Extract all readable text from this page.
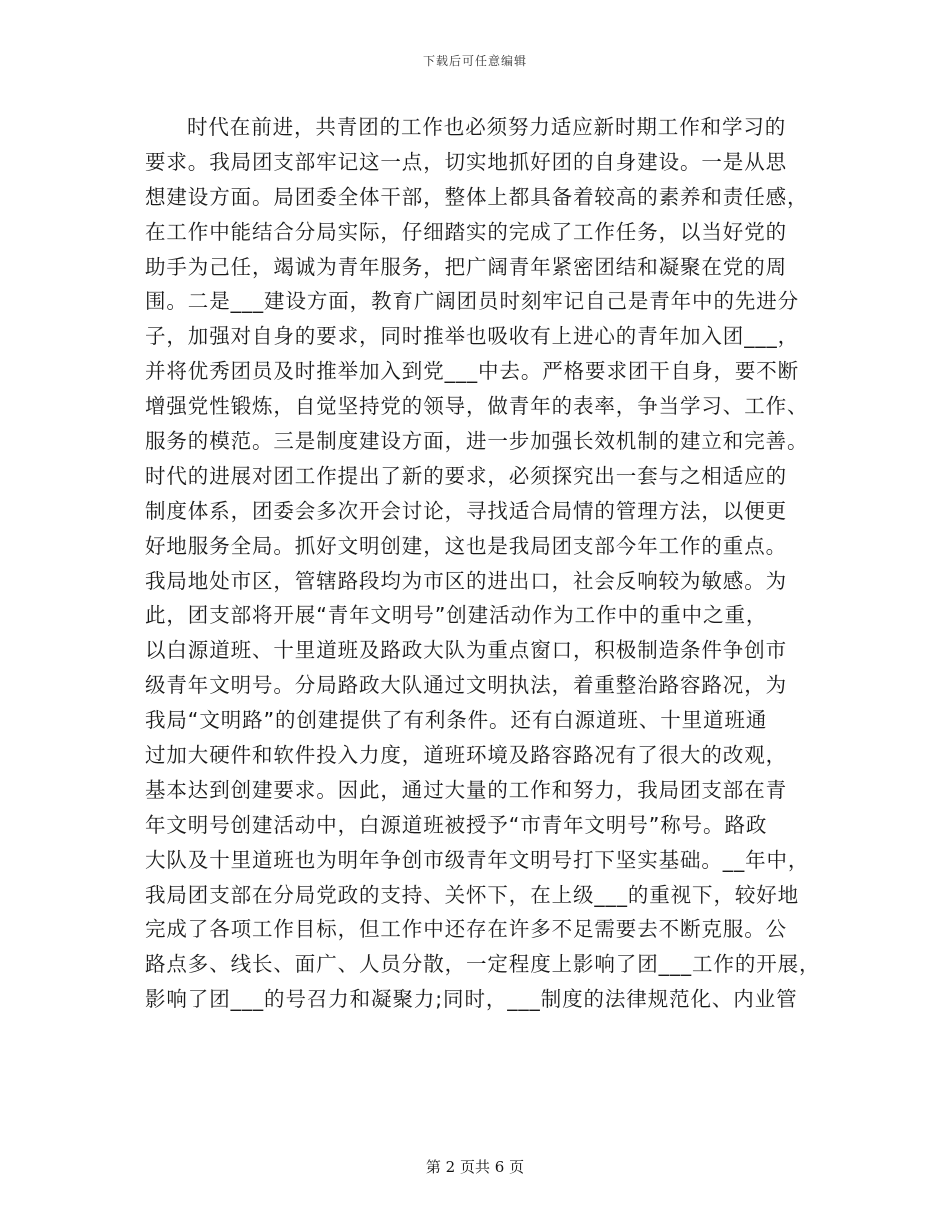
下载后可任意编辑
时代在前进，共青团的工作也必须努力适应新时期工作和学习的
要求。我局团支部牢记这一点，切实地抓好团的自身建设。一是从思
想建设方面。局团委全体干部，整体上都具备着较高的素养和责任感，
在工作中能结合分局实际，仔细踏实的完成了工作任务，以当好党的
助手为己任，竭诚为青年服务，把广阔青年紧密团结和凝聚在党的周
围。二是___建设方面，教育广阔团员时刻牢记自己是青年中的先进分
子，加强对自身的要求，同时推举也吸收有上进心的青年加入团___，
并将优秀团员及时推举加入到党___中去。严格要求团干自身，要不断
增强党性锻炼，自觉坚持党的领导，做青年的表率，争当学习、工作、
服务的模范。三是制度建设方面，进一步加强长效机制的建立和完善。
时代的进展对团工作提出了新的要求，必须探究出一套与之相适应的
制度体系，团委会多次开会讨论，寻找适合局情的管理方法，以便更
好地服务全局。抓好文明创建，这也是我局团支部今年工作的重点。
我局地处市区，管辖路段均为市区的进出口，社会反响较为敏感。为
此，团支部将开展“青年文明号”创建活动作为工作中的重中之重，
以白源道班、十里道班及路政大队为重点窗口，积极制造条件争创市
级青年文明号。分局路政大队通过文明执法，着重整治路容路况，为
我局“文明路”的创建提供了有利条件。还有白源道班、十里道班通
过加大硬件和软件投入力度，道班环境及路容路况有了很大的改观，
基本达到创建要求。因此，通过大量的工作和努力，我局团支部在青
年文明号创建活动中，白源道班被授予“市青年文明号”称号。路政
大队及十里道班也为明年争创市级青年文明号打下坚实基础。__年中，
我局团支部在分局党政的支持、关怀下，在上级___的重视下，较好地
完成了各项工作目标，但工作中还存在许多不足需要去不断克服。公
路点多、线长、面广、人员分散，一定程度上影响了团___工作的开展，
影响了团___的号召力和凝聚力;同时，___制度的法律规范化、内业管
第 2 页共 6 页
